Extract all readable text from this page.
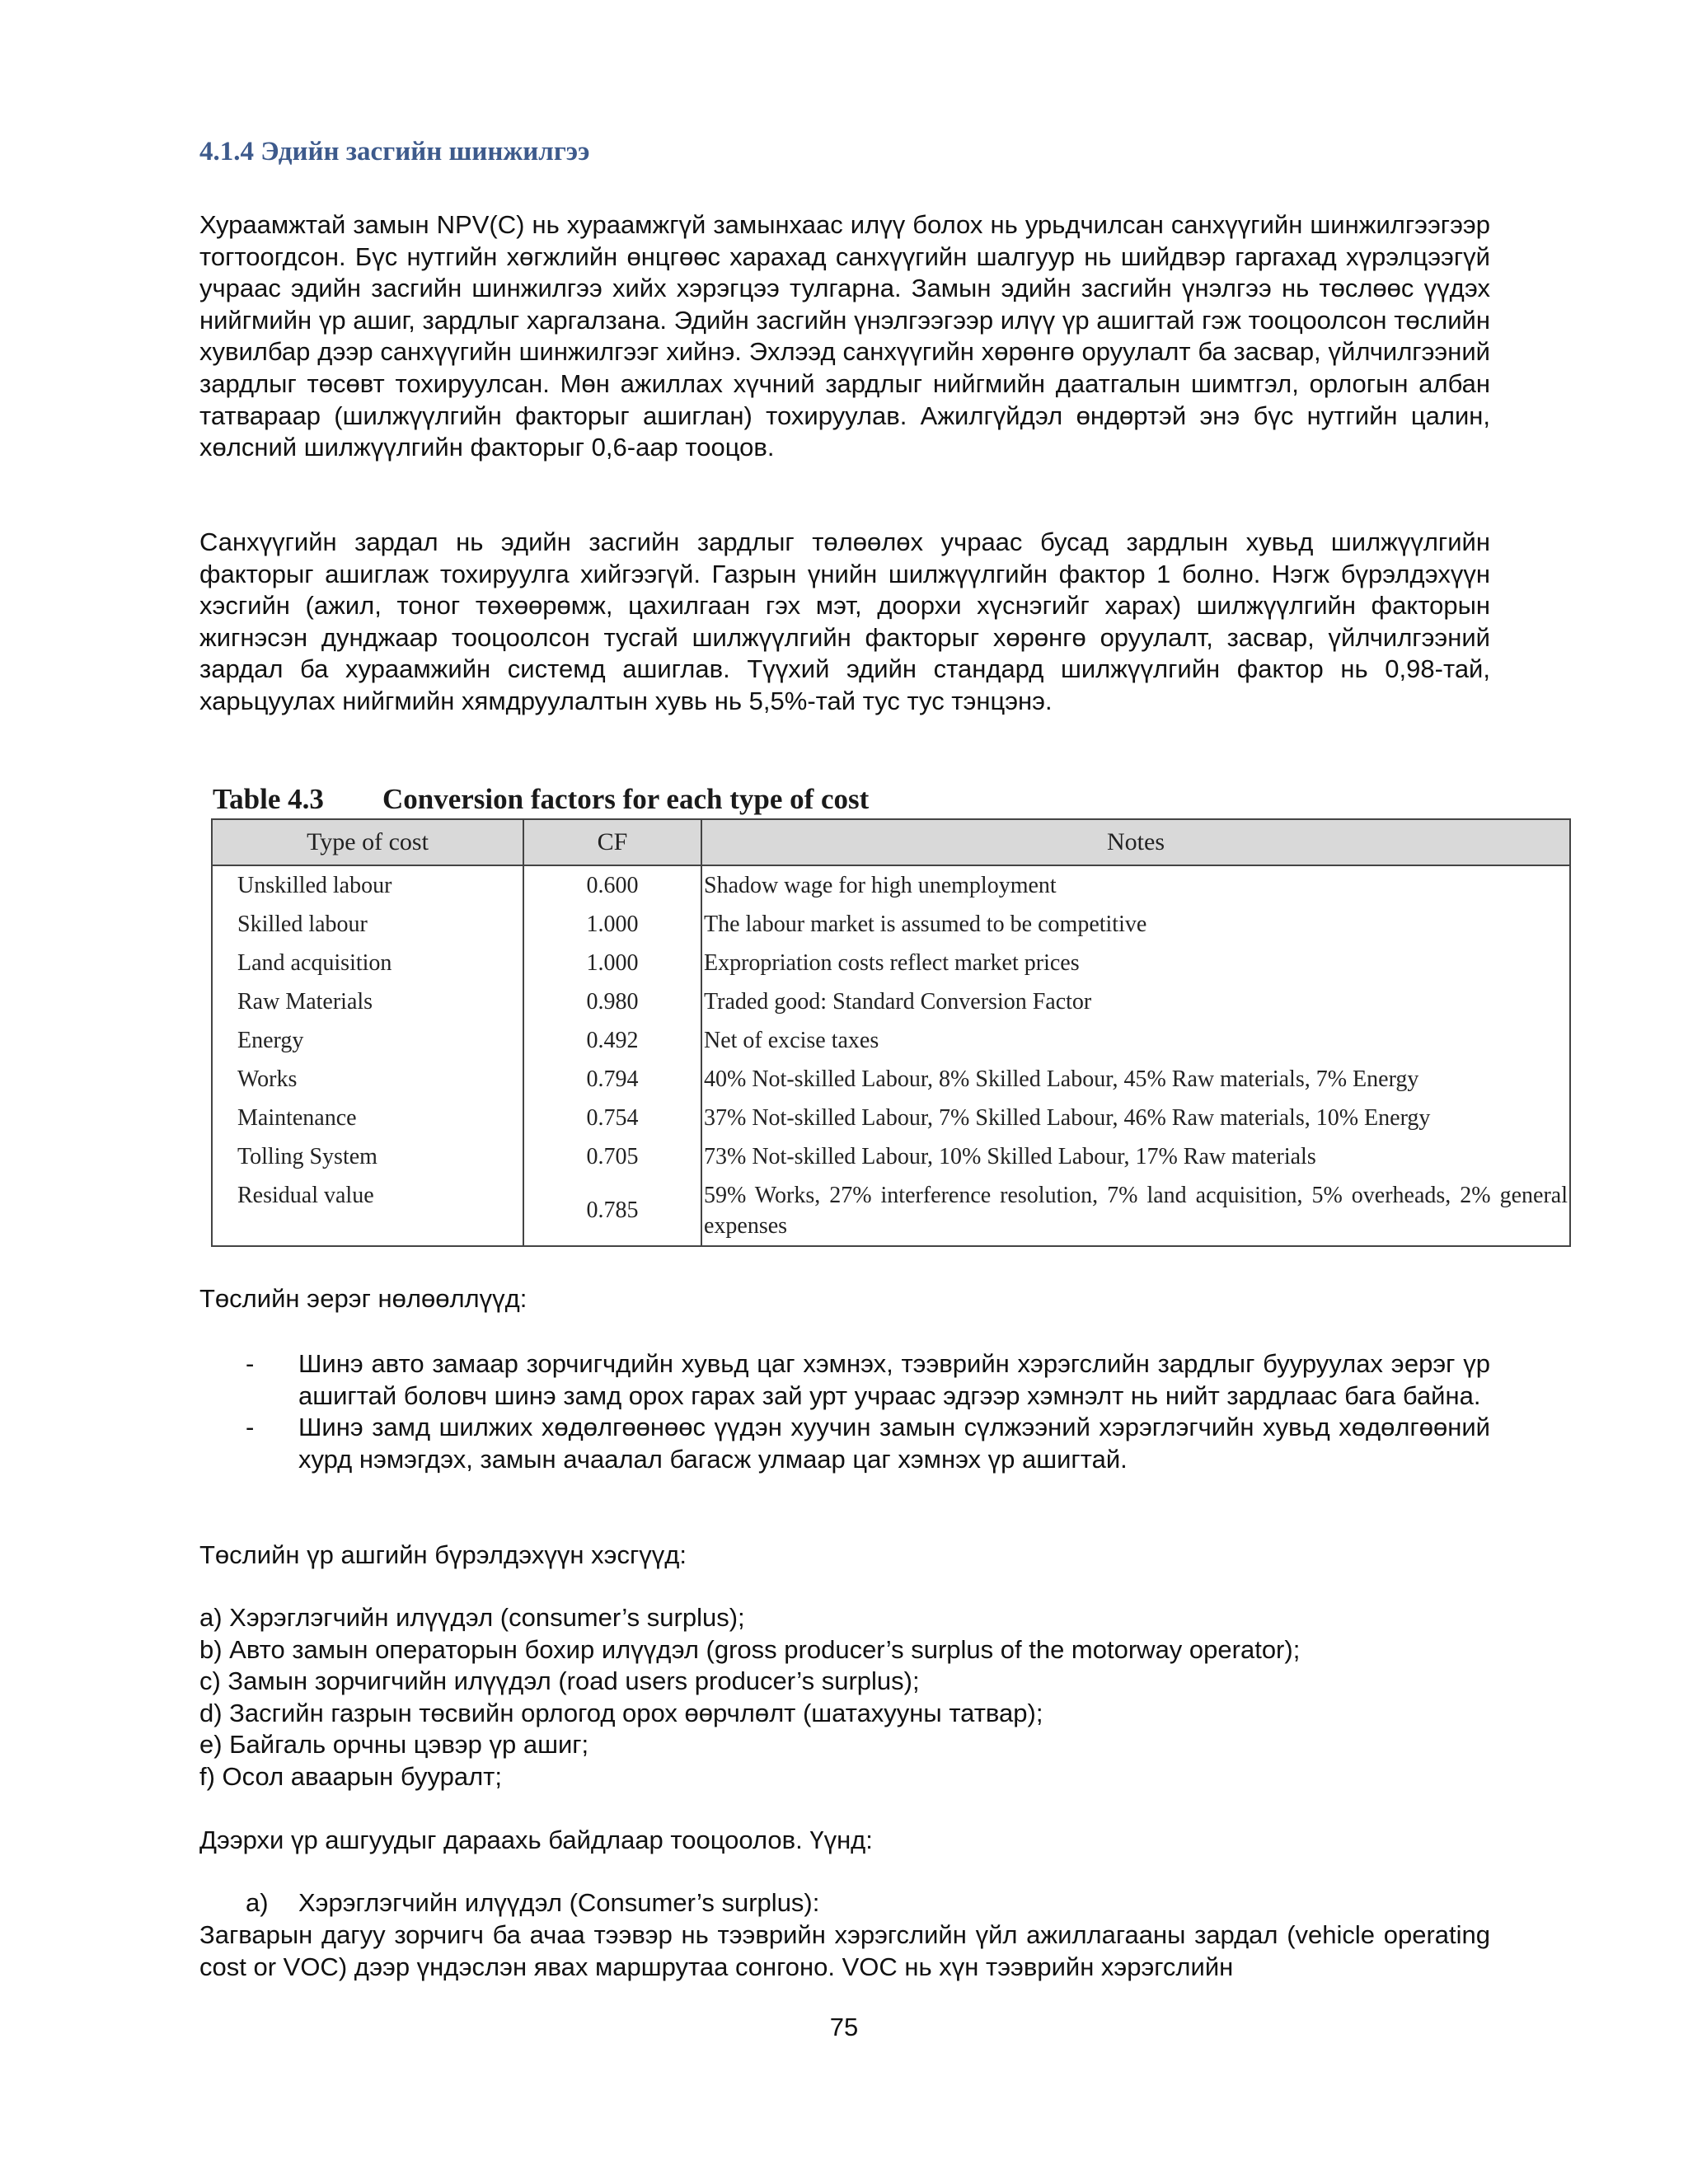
4.1.4 Эдийн засгийн шинжилгээ

Хураамжтай замын NPV(C) нь хураамжгүй замынхаас илүү болох нь урьдчилсан санхүүгийн шинжилгээгээр тогтоогдсон. Бүс нутгийн хөгжлийн өнцгөөс харахад санхүүгийн шалгуур нь шийдвэр гаргахад хүрэлцээгүй учраас эдийн засгийн шинжилгээ хийх хэрэгцээ тулгарна. Замын эдийн засгийн үнэлгээ нь төслөөс үүдэх нийгмийн үр ашиг, зардлыг харгалзана. Эдийн засгийн үнэлгээгээр илүү үр ашигтай гэж тооцоолсон төслийн хувилбар дээр санхүүгийн шинжилгээг хийнэ. Эхлээд санхүүгийн хөрөнгө оруулалт ба засвар, үйлчилгээний зардлыг төсөвт тохируулсан. Мөн ажиллах хүчний зардлыг нийгмийн даатгалын шимтгэл, орлогын албан татвараар (шилжүүлгийн факторыг ашиглан) тохируулав. Ажилгүйдэл өндөртэй энэ бүс нутгийн цалин, хөлсний шилжүүлгийн факторыг 0,6-аар тооцов.

Санхүүгийн зардал нь эдийн засгийн зардлыг төлөөлөх учраас бусад зардлын хувьд шилжүүлгийн факторыг ашиглаж тохируулга хийгээгүй. Газрын үнийн шилжүүлгийн фактор 1 болно. Нэгж бүрэлдэхүүн хэсгийн (ажил, тоног төхөөрөмж, цахилгаан гэх мэт, доорхи хүснэгийг харах) шилжүүлгийн факторын жигнэсэн дунджаар тооцоолсон тусгай шилжүүлгийн факторыг хөрөнгө оруулалт, засвар, үйлчилгээний зардал ба хураамжийн системд ашиглав. Түүхий эдийн стандард шилжүүлгийн фактор нь 0,98-тай, харьцуулах нийгмийн хямдруулалтын хувь нь 5,5%-тай тус тус тэнцэнэ.

Table 4.3 Conversion factors for each type of cost
Type of cost	CF	Notes
Unskilled labour	0.600	Shadow wage for high unemployment
Skilled labour	1.000	The labour market is assumed to be competitive
Land acquisition	1.000	Expropriation costs reflect market prices
Raw Materials	0.980	Traded good: Standard Conversion Factor
Energy	0.492	Net of excise taxes
Works	0.794	40% Not-skilled Labour, 8% Skilled Labour, 45% Raw materials, 7% Energy
Maintenance	0.754	37% Not-skilled Labour, 7% Skilled Labour, 46% Raw materials, 10% Energy
Tolling System	0.705	73% Not-skilled Labour, 10% Skilled Labour, 17% Raw materials
Residual value	0.785	59% Works, 27% interference resolution, 7% land acquisition, 5% overheads, 2% general expenses

Төслийн эерэг нөлөөллүүд:

- Шинэ авто замаар зорчигчдийн хувьд цаг хэмнэх, тээврийн хэрэгслийн зардлыг бууруулах эерэг үр ашигтай боловч шинэ замд орох гарах зай урт учраас эдгээр хэмнэлт нь нийт зардлаас бага байна.
- Шинэ замд шилжих хөдөлгөөнөөс үүдэн хуучин замын сүлжээний хэрэглэгчийн хувьд хөдөлгөөний хурд нэмэгдэх, замын ачаалал багасж улмаар цаг хэмнэх үр ашигтай.

Төслийн үр ашгийн бүрэлдэхүүн хэсгүүд:

a) Хэрэглэгчийн илүүдэл (consumer’s surplus);
b) Авто замын операторын бохир илүүдэл (gross producer’s surplus of the motorway operator);
c) Замын зорчигчийн илүүдэл (road users producer’s surplus);
d) Засгийн газрын төсвийн орлогод орох өөрчлөлт (шатахууны татвар);
e) Байгаль орчны цэвэр үр ашиг;
f) Осол аваарын бууралт;

Дээрхи үр ашгуудыг дараахь байдлаар тооцоолов. Үүнд:

a) Хэрэглэгчийн илүүдэл (Consumer’s surplus):

Загварын дагуу зорчигч ба ачаа тээвэр нь тээврийн хэрэгслийн үйл ажиллагааны зардал (vehicle operating cost or VOC) дээр үндэслэн явах маршрутаа сонгоно. VOC нь хүн тээврийн хэрэгслийн

75
